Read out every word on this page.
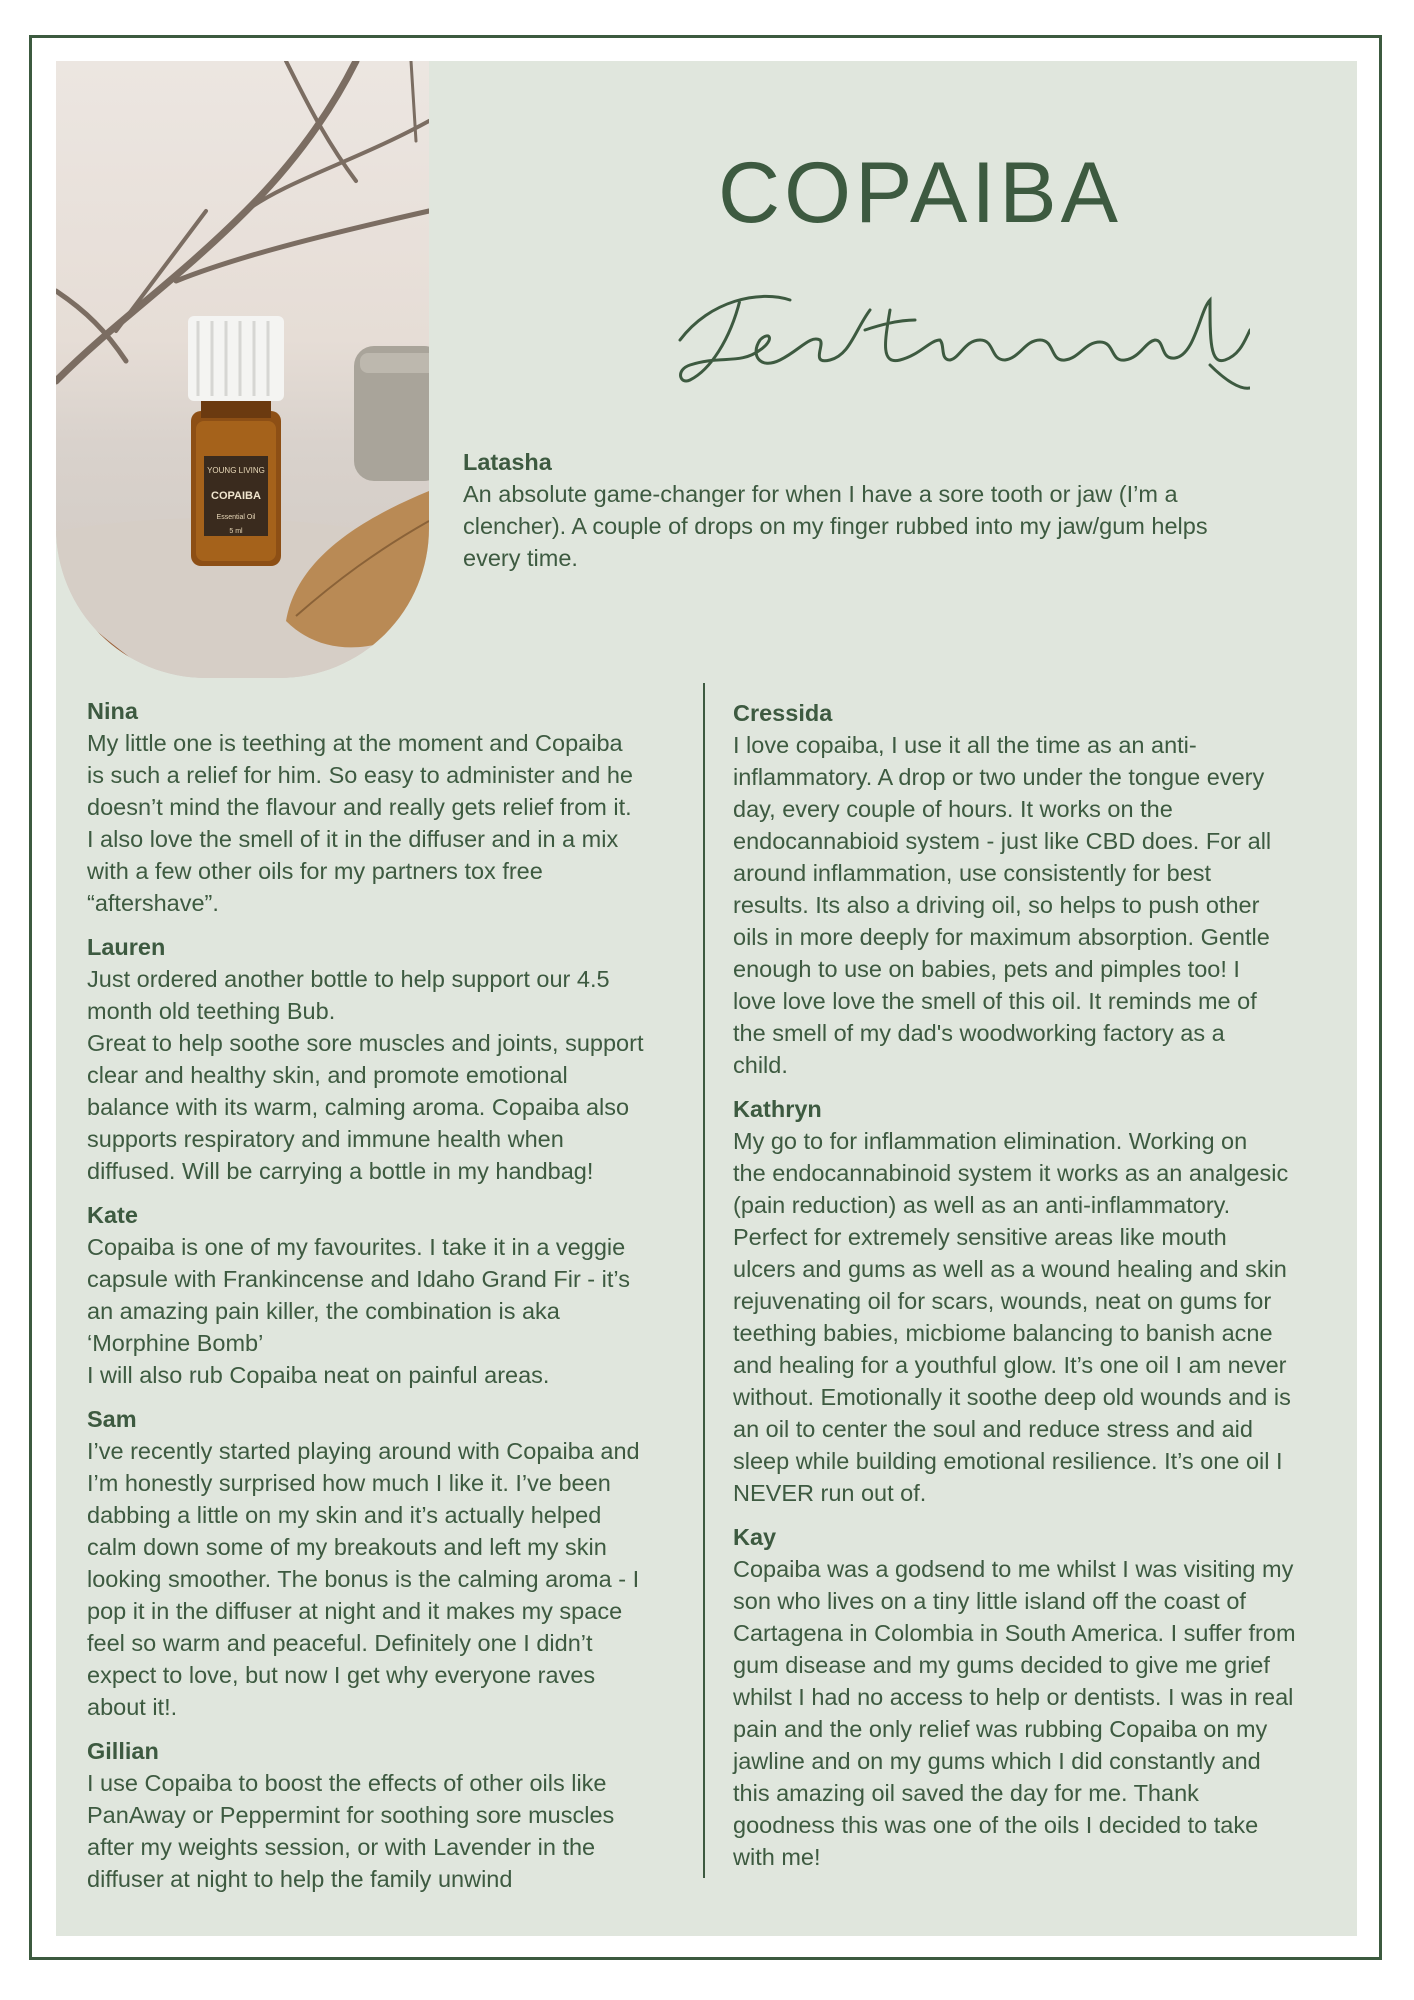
YOUNG LIVING
COPAIBA
Essential Oil
5 ml
COPAIBA
Latasha
An absolute game-changer for when I have a sore tooth or jaw (I’m a
clencher). A couple of drops on my finger rubbed into my jaw/gum helps
every time.
Nina
My little one is teething at the moment and Copaiba
is such a relief for him. So easy to administer and he
doesn’t mind the flavour and really gets relief from it.
I also love the smell of it in the diffuser and in a mix
with a few other oils for my partners tox free
“aftershave”.
Lauren
Just ordered another bottle to help support our 4.5
month old teething Bub.
Great to help soothe sore muscles and joints, support
clear and healthy skin, and promote emotional
balance with its warm, calming aroma. Copaiba also
supports respiratory and immune health when
diffused. Will be carrying a bottle in my handbag!
Kate
Copaiba is one of my favourites. I take it in a veggie
capsule with Frankincense and Idaho Grand Fir - it’s
an amazing pain killer, the combination is aka
‘Morphine Bomb’
I will also rub Copaiba neat on painful areas.
Sam
I’ve recently started playing around with Copaiba and
I’m honestly surprised how much I like it. I’ve been
dabbing a little on my skin and it’s actually helped
calm down some of my breakouts and left my skin
looking smoother. The bonus is the calming aroma - I
pop it in the diffuser at night and it makes my space
feel so warm and peaceful. Definitely one I didn’t
expect to love, but now I get why everyone raves
about it!.
Gillian
I use Copaiba to boost the effects of other oils like
PanAway or Peppermint for soothing sore muscles
after my weights session, or with Lavender in the
diffuser at night to help the family unwind
Cressida
I love copaiba, I use it all the time as an anti-
inflammatory. A drop or two under the tongue every
day, every couple of hours. It works on the
endocannabioid system - just like CBD does. For all
around inflammation, use consistently for best
results. Its also a driving oil, so helps to push other
oils in more deeply for maximum absorption. Gentle
enough to use on babies, pets and pimples too! I
love love love the smell of this oil. It reminds me of
the smell of my dad's woodworking factory as a
child.
Kathryn
My go to for inflammation elimination. Working on
the endocannabinoid system it works as an analgesic
(pain reduction) as well as an anti-inflammatory.
Perfect for extremely sensitive areas like mouth
ulcers and gums as well as a wound healing and skin
rejuvenating oil for scars, wounds, neat on gums for
teething babies, micbiome balancing to banish acne
and healing for a youthful glow. It’s one oil I am never
without. Emotionally it soothe deep old wounds and is
an oil to center the soul and reduce stress and aid
sleep while building emotional resilience. It’s one oil I
NEVER run out of.
Kay
Copaiba was a godsend to me whilst I was visiting my
son who lives on a tiny little island off the coast of
Cartagena in Colombia in South America. I suffer from
gum disease and my gums decided to give me grief
whilst I had no access to help or dentists. I was in real
pain and the only relief was rubbing Copaiba on my
jawline and on my gums which I did constantly and
this amazing oil saved the day for me. Thank
goodness this was one of the oils I decided to take
with me!
